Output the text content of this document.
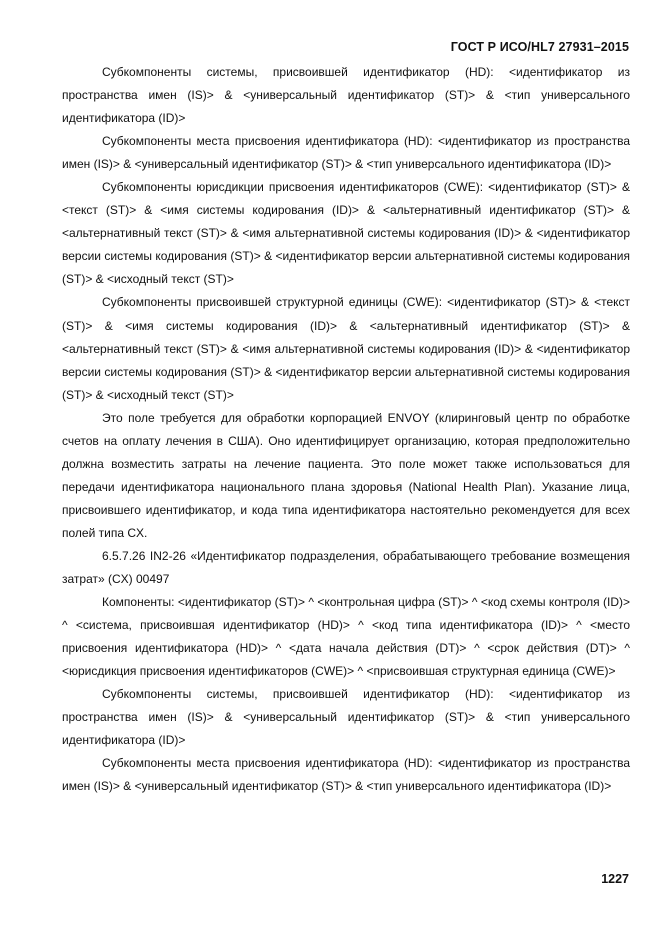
ГОСТ Р ИСО/HL7 27931–2015

Субкомпоненты системы, присвоившей идентификатор (HD): <идентификатор из пространства имен (IS)> & <универсальный идентификатор (ST)> & <тип универсального идентификатора (ID)>

Субкомпоненты места присвоения идентификатора (HD): <идентификатор из пространства имен (IS)> & <универсальный идентификатор (ST)> & <тип универсального идентификатора (ID)>

Субкомпоненты юрисдикции присвоения идентификаторов (CWE): <идентификатор (ST)> & <текст (ST)> & <имя системы кодирования (ID)> & <альтернативный идентификатор (ST)> & <альтернативный текст (ST)> & <имя альтернативной системы кодирования (ID)> & <идентификатор версии системы кодирования (ST)> & <идентификатор версии альтернативной системы кодирования (ST)> & <исходный текст (ST)>

Субкомпоненты присвоившей структурной единицы (CWE): <идентификатор (ST)> & <текст (ST)> & <имя системы кодирования (ID)> & <альтернативный идентификатор (ST)> & <альтернативный текст (ST)> & <имя альтернативной системы кодирования (ID)> & <идентификатор версии системы кодирования (ST)> & <идентификатор версии альтернативной системы кодирования (ST)> & <исходный текст (ST)>

Это поле требуется для обработки корпорацией ENVOY (клиринговый центр по обработке счетов на оплату лечения в США). Оно идентифицирует организацию, которая предположительно должна возместить затраты на лечение пациента. Это поле может также использоваться для передачи идентификатора национального плана здоровья (National Health Plan). Указание лица, присвоившего идентификатор, и кода типа идентификатора настоятельно рекомендуется для всех полей типа CX.

6.5.7.26 IN2-26 «Идентификатор подразделения, обрабатывающего требование возмещения затрат» (CX) 00497

Компоненты: <идентификатор (ST)> ^ <контрольная цифра (ST)> ^ <код схемы контроля (ID)> ^ <система, присвоившая идентификатор (HD)> ^ <код типа идентификатора (ID)> ^ <место присвоения идентификатора (HD)> ^ <дата начала действия (DT)> ^ <срок действия (DT)> ^ <юрисдикция присвоения идентификаторов (CWE)> ^ <присвоившая структурная единица (CWE)>

Субкомпоненты системы, присвоившей идентификатор (HD): <идентификатор из пространства имен (IS)> & <универсальный идентификатор (ST)> & <тип универсального идентификатора (ID)>

Субкомпоненты места присвоения идентификатора (HD): <идентификатор из пространства имен (IS)> & <универсальный идентификатор (ST)> & <тип универсального идентификатора (ID)>

1227
